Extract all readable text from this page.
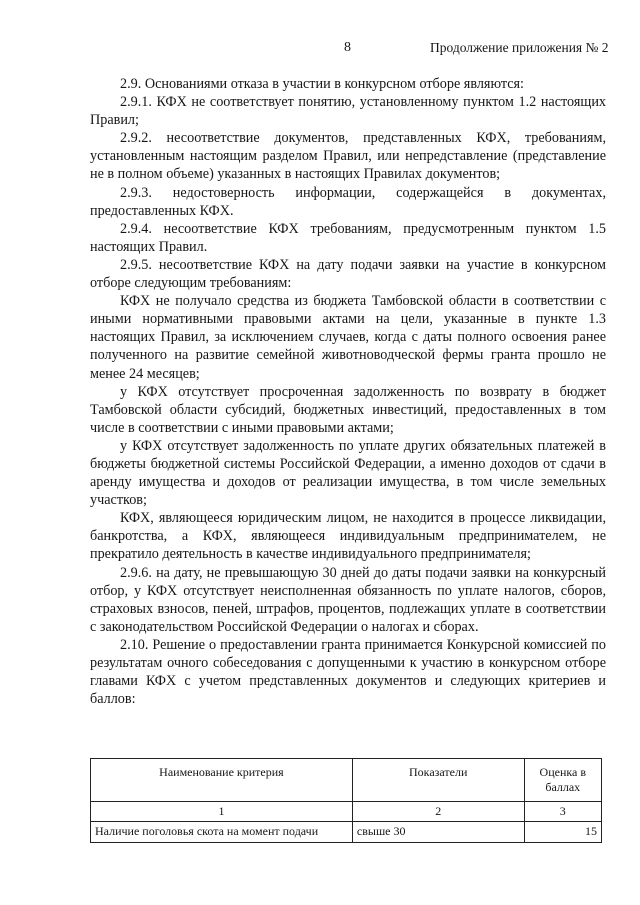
8	Продолжение приложения № 2

2.9. Основаниями отказа в участии в конкурсном отборе являются:

2.9.1. КФХ не соответствует понятию, установленному пунктом 1.2 настоящих Правил;

2.9.2. несоответствие документов, представленных КФХ, требованиям, установленным настоящим разделом Правил, или непредставление (представление не в полном объеме) указанных в настоящих Правилах документов;

2.9.3. недостоверность информации, содержащейся в документах, предоставленных КФХ.

2.9.4. несоответствие КФХ требованиям, предусмотренным пунктом 1.5 настоящих Правил.

2.9.5. несоответствие КФХ на дату подачи заявки на участие в конкурсном отборе следующим требованиям:

КФХ не получало средства из бюджета Тамбовской области в соответствии с иными нормативными правовыми актами на цели, указанные в пункте 1.3 настоящих Правил, за исключением случаев, когда с даты полного освоения ранее полученного на развитие семейной животноводческой фермы гранта прошло не менее 24 месяцев;

у КФХ отсутствует просроченная задолженность по возврату в бюджет Тамбовской области субсидий, бюджетных инвестиций, предоставленных в том числе в соответствии с иными правовыми актами;

у КФХ отсутствует задолженность по уплате других обязательных платежей в бюджеты бюджетной системы Российской Федерации, а именно доходов от сдачи в аренду имущества и доходов от реализации имущества, в том числе земельных участков;

КФХ, являющееся юридическим лицом, не находится в процессе ликвидации, банкротства, а КФХ, являющееся индивидуальным предпринимателем, не прекратило деятельность в качестве индивидуального предпринимателя;

2.9.6. на дату, не превышающую 30 дней до даты подачи заявки на конкурсный отбор, у КФХ отсутствует неисполненная обязанность по уплате налогов, сборов, страховых взносов, пеней, штрафов, процентов, подлежащих уплате в соответствии с законодательством Российской Федерации о налогах и сборах.

2.10. Решение о предоставлении гранта принимается Конкурсной комиссией по результатам очного собеседования с допущенными к участию в конкурсном отборе главами КФХ с учетом представленных документов и следующих критериев и баллов:

Наименование критерия	Показатели	Оценка в баллах
1	2	3
Наличие поголовья скота на момент подачи	свыше 30	15
